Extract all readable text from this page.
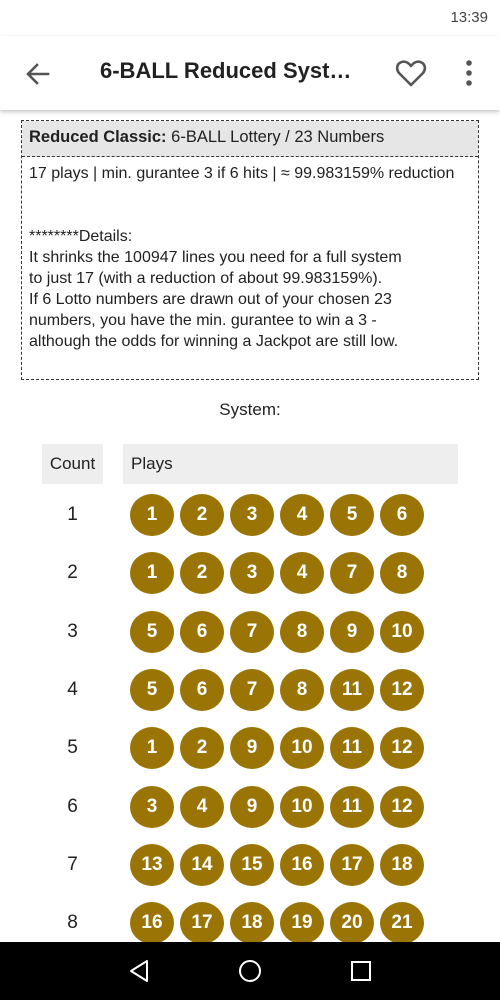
13:39
6-BALL Reduced Syst…
Reduced Classic: 6-BALL Lottery / 23 Numbers

17 plays | min. gurantee 3 if 6 hits | ≈ 99.983159% reduction

********Details:

It shrinks the 100947 lines you need for a full system

to just 17 (with a reduction of about 99.983159%).

If 6 Lotto numbers are drawn out of your chosen 23

numbers, you have the min. gurantee to win a 3 -

although the odds for winning a Jackpot are still low.

System:
Count	Plays
1	1	2	3	4	5	6
2	1	2	3	4	7	8
3	5	6	7	8	9	10
4	5	6	7	8	11	12
5	1	2	9	10	11	12
6	3	4	9	10	11	12
7	13	14	15	16	17	18
8	16	17	18	19	20	21
